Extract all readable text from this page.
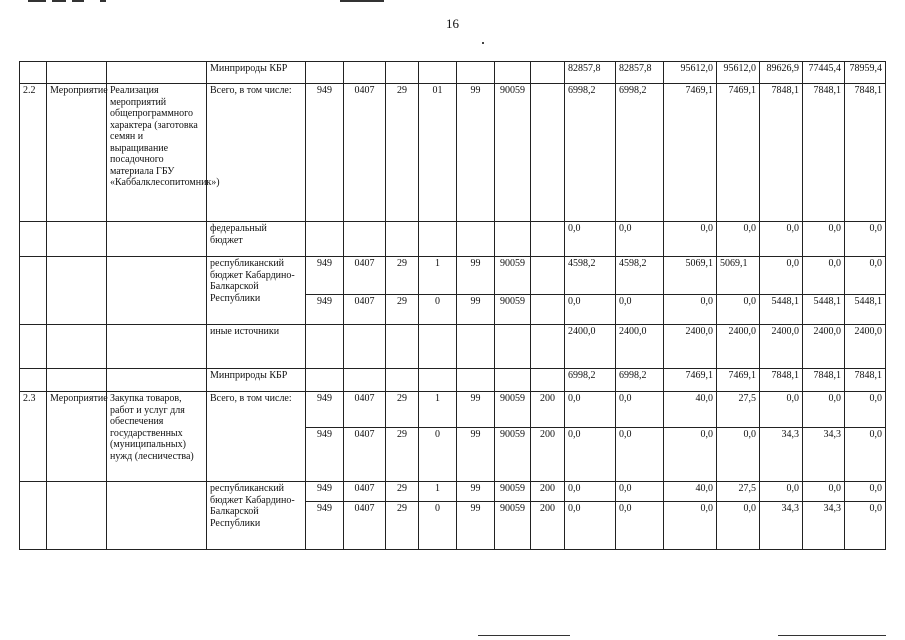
16
			Минприроды КБР								82857,8	82857,8	95612,0	95612,0	89626,9	77445,4	78959,4
2.2	Мероприятие	Реализация мероприятий общепрограммного характера (заготовка семян и выращивание посадочного материала ГБУ «Каббалклесопитомник»)	Всего, в том числе:	949	0407	29	01	99	90059		6998,2	6998,2	7469,1	7469,1	7848,1	7848,1	7848,1
			федеральный бюджет								0,0	0,0	0,0	0,0	0,0	0,0	0,0
			республиканский бюджет Кабардино-Балкарской Республики	949	0407	29	1	99	90059		4598,2	4598,2	5069,1	5069,1	0,0	0,0	0,0
				949	0407	29	0	99	90059		0,0	0,0	0,0	0,0	5448,1	5448,1	5448,1
			иные источники								2400,0	2400,0	2400,0	2400,0	2400,0	2400,0	2400,0
			Минприроды КБР								6998,2	6998,2	7469,1	7469,1	7848,1	7848,1	7848,1
2.3	Мероприятие	Закупка товаров, работ и услуг для обеспечения государственных (муниципальных) нужд (лесничества)	Всего, в том числе:	949	0407	29	1	99	90059	200	0,0	0,0	40,0	27,5	0,0	0,0	0,0
				949	0407	29	0	99	90059	200	0,0	0,0	0,0	0,0	34,3	34,3	0,0
			республиканский бюджет Кабардино-Балкарской Республики	949	0407	29	1	99	90059	200	0,0	0,0	40,0	27,5	0,0	0,0	0,0
				949	0407	29	0	99	90059	200	0,0	0,0	0,0	0,0	34,3	34,3	0,0
